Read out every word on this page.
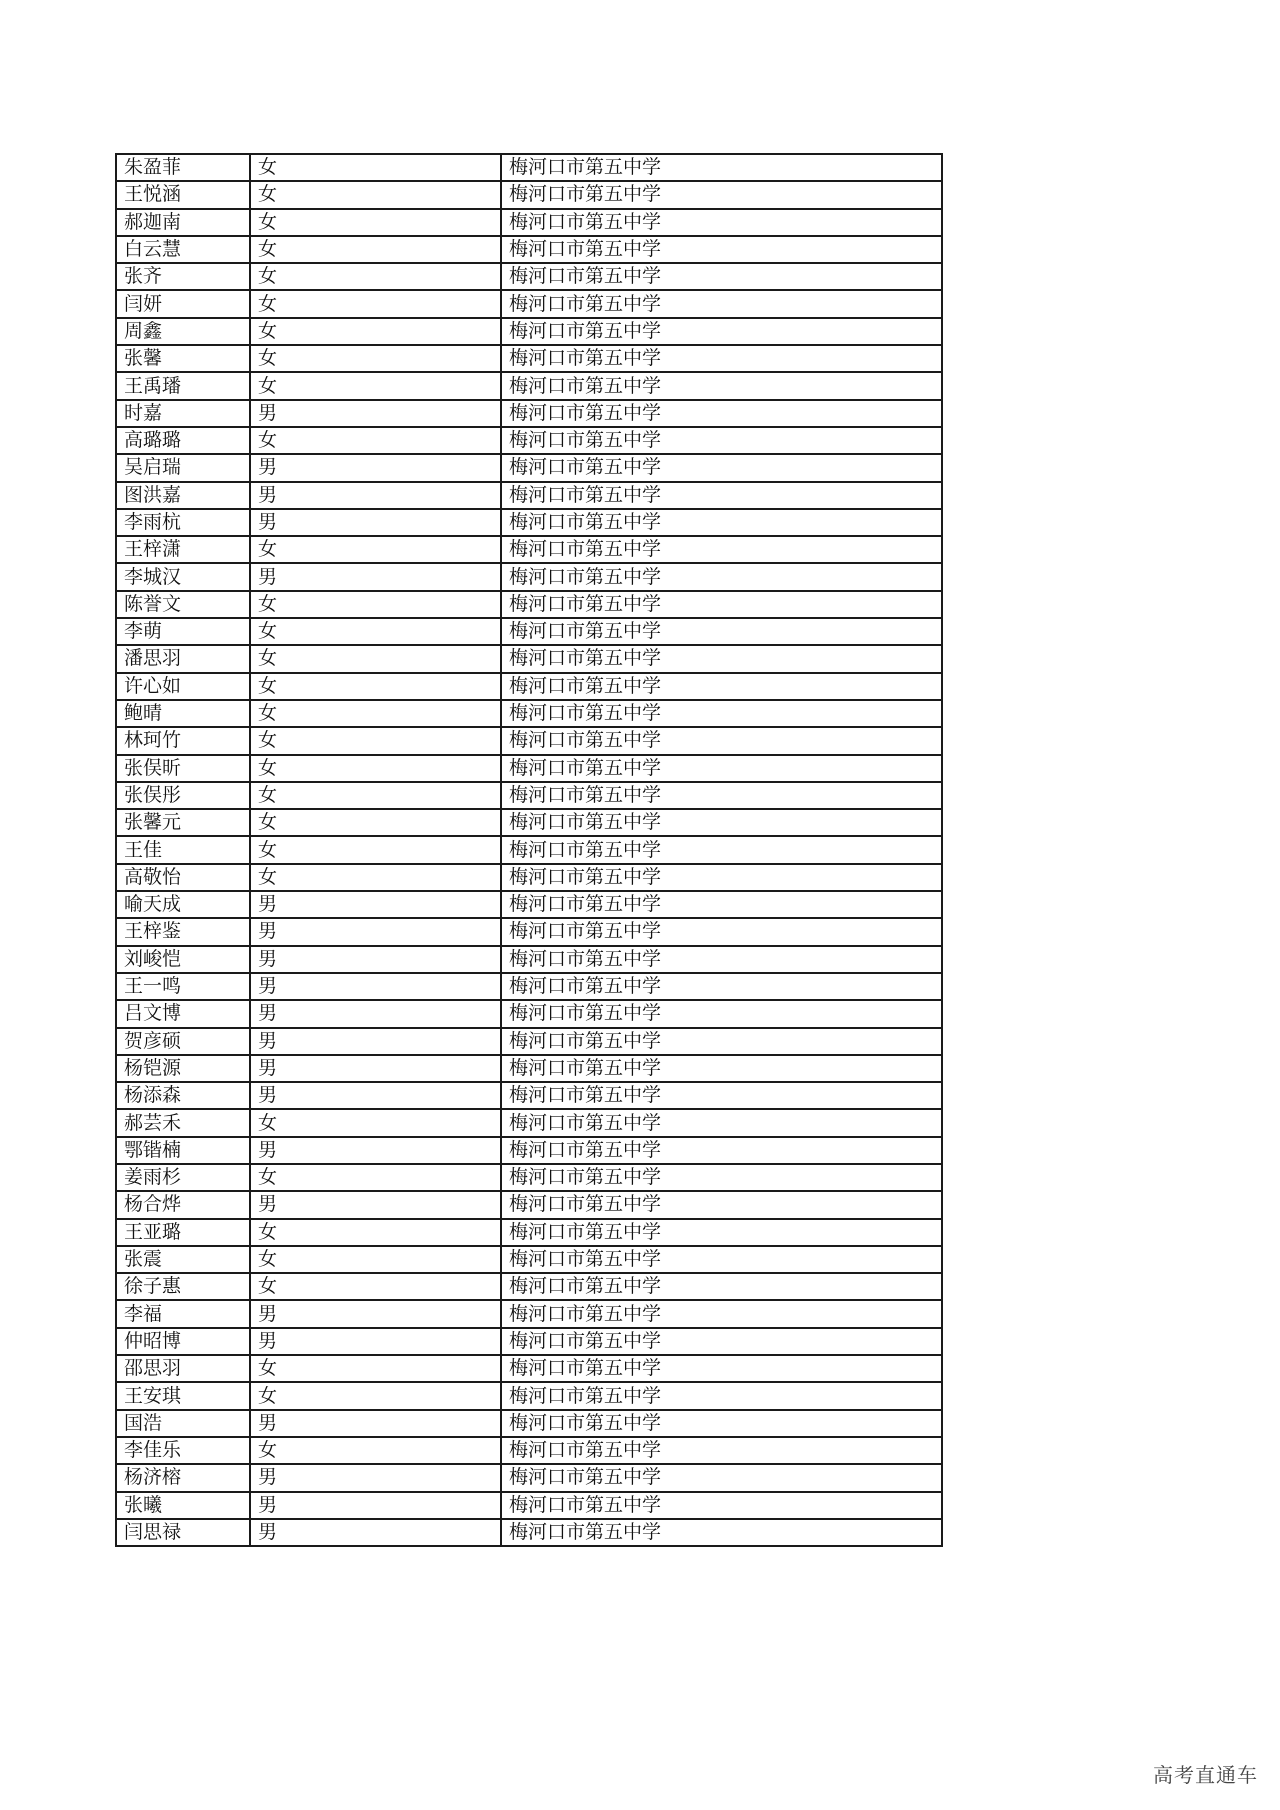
朱盈菲	女	梅河口市第五中学
王悦涵	女	梅河口市第五中学
郝迦南	女	梅河口市第五中学
白云慧	女	梅河口市第五中学
张齐	女	梅河口市第五中学
闫妍	女	梅河口市第五中学
周鑫	女	梅河口市第五中学
张馨	女	梅河口市第五中学
王禹璠	女	梅河口市第五中学
时嘉	男	梅河口市第五中学
高璐璐	女	梅河口市第五中学
吴启瑞	男	梅河口市第五中学
图洪嘉	男	梅河口市第五中学
李雨杭	男	梅河口市第五中学
王梓潇	女	梅河口市第五中学
李城汉	男	梅河口市第五中学
陈誉文	女	梅河口市第五中学
李萌	女	梅河口市第五中学
潘思羽	女	梅河口市第五中学
许心如	女	梅河口市第五中学
鲍晴	女	梅河口市第五中学
林珂竹	女	梅河口市第五中学
张俣昕	女	梅河口市第五中学
张俣彤	女	梅河口市第五中学
张馨元	女	梅河口市第五中学
王佳	女	梅河口市第五中学
高敬怡	女	梅河口市第五中学
喻天成	男	梅河口市第五中学
王梓鉴	男	梅河口市第五中学
刘峻恺	男	梅河口市第五中学
王一鸣	男	梅河口市第五中学
吕文博	男	梅河口市第五中学
贺彦硕	男	梅河口市第五中学
杨铠源	男	梅河口市第五中学
杨添森	男	梅河口市第五中学
郝芸禾	女	梅河口市第五中学
鄂锴楠	男	梅河口市第五中学
姜雨杉	女	梅河口市第五中学
杨合烨	男	梅河口市第五中学
王亚璐	女	梅河口市第五中学
张震	女	梅河口市第五中学
徐子惠	女	梅河口市第五中学
李福	男	梅河口市第五中学
仲昭博	男	梅河口市第五中学
邵思羽	女	梅河口市第五中学
王安琪	女	梅河口市第五中学
国浩	男	梅河口市第五中学
李佳乐	女	梅河口市第五中学
杨济榕	男	梅河口市第五中学
张曦	男	梅河口市第五中学
闫思禄	男	梅河口市第五中学
高考直通车
